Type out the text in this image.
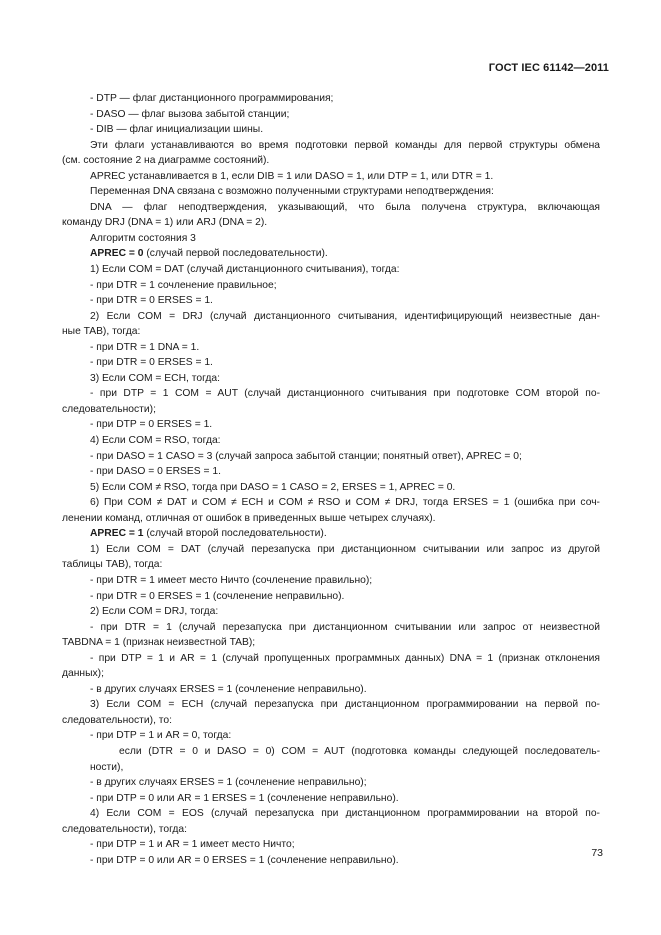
ГОСТ IEC 61142—2011
- DTP — флаг дистанционного программирования;
- DASO — флаг вызова забытой станции;
- DIB — флаг инициализации шины.
Эти флаги устанавливаются во время подготовки первой команды для первой структуры обмена
(см. состояние 2 на диаграмме состояний).
APREC устанавливается в 1, если DIB = 1 или DASO = 1, или DTP = 1, или DTR = 1.
Переменная DNA связана с возможно полученными структурами неподтверждения:
DNA — флаг неподтверждения, указывающий, что была получена структура, включающая
команду DRJ (DNA = 1) или ARJ (DNA = 2).
Алгоритм состояния 3
APREC = 0 (случай первой последовательности).
1) Если COM = DAT (случай дистанционного считывания), тогда:
- при DTR = 1 сочленение правильное;
- при DTR = 0 ERSES = 1.
2) Если COM = DRJ (случай дистанционного считывания, идентифицирующий неизвестные дан-
ные TAB), тогда:
- при DTR = 1 DNA = 1.
- при DTR = 0 ERSES = 1.
3) Если COM = ECH, тогда:
- при DTP = 1 COM = AUT (случай дистанционного считывания при подготовке COM второй по-
следовательности);
- при DTP = 0 ERSES = 1.
4) Если COM = RSO, тогда:
- при DASO = 1 CASO = 3 (случай запроса забытой станции; понятный ответ), APREC = 0;
- при DASO = 0 ERSES = 1.
5) Если COM ≠ RSO, тогда при DASO = 1 CASO = 2, ERSES = 1, APREC = 0.
6) При COM ≠ DAT и COM ≠ ECH и COM ≠ RSO и COM ≠ DRJ, тогда ERSES = 1 (ошибка при соч-
ленении команд, отличная от ошибок в приведенных выше четырех случаях).
APREC = 1 (случай второй последовательности).
1) Если COM = DAT (случай перезапуска при дистанционном считывании или запрос из другой
таблицы TAB), тогда:
- при DTR = 1 имеет место Ничто (сочленение правильно);
- при DTR = 0 ERSES = 1 (сочленение неправильно).
2) Если COM = DRJ, тогда:
- при DTR = 1 (случай перезапуска при дистанционном считывании или запрос от неизвестной
TABDNA = 1 (признак неизвестной TAB);
- при DTP = 1 и AR = 1 (случай пропущенных программных данных) DNA = 1 (признак отклонения
данных);
- в других случаях ERSES = 1 (сочленение неправильно).
3) Если COM = ECH (случай перезапуска при дистанционном программировании на первой по-
следовательности), то:
- при DTP = 1 и AR = 0, тогда:
если (DTR = 0 и DASO = 0) COM = AUT (подготовка команды следующей последователь-
ности),
- в других случаях ERSES = 1 (сочленение неправильно);
- при DTP = 0 или AR = 1 ERSES = 1 (сочленение неправильно).
4) Если COM = EOS (случай перезапуска при дистанционном программировании на второй по-
следовательности), тогда:
- при DTP = 1 и AR = 1 имеет место Ничто;
- при DTP = 0 или AR = 0 ERSES = 1 (сочленение неправильно).
73
